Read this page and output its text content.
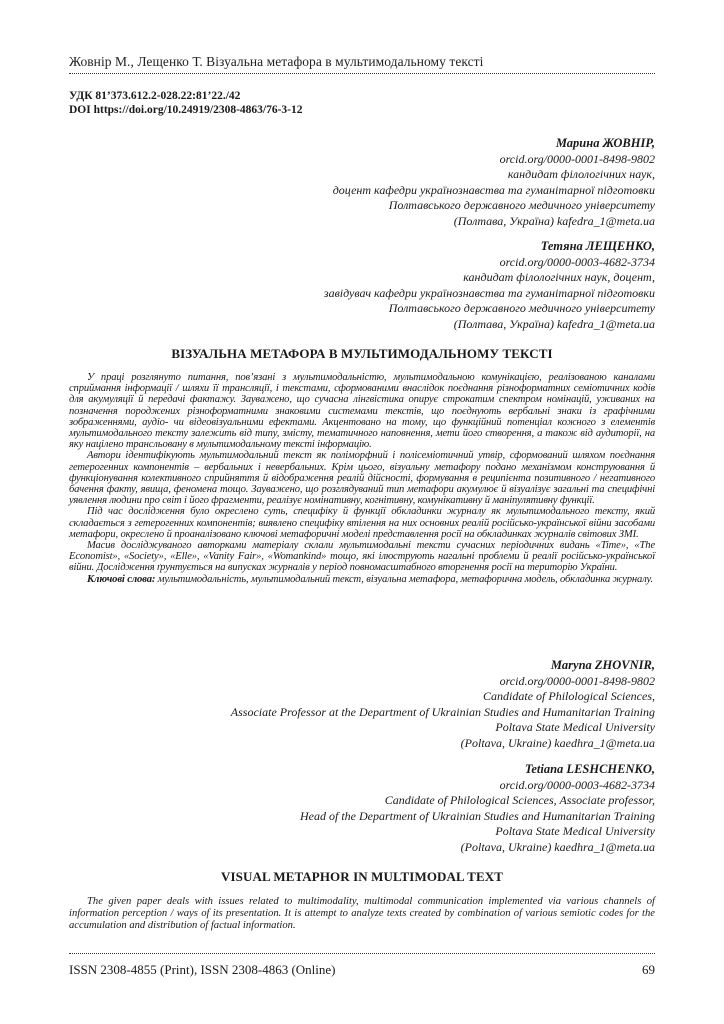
Жовнір М., Лещенко Т. Візуальна метафора в мультимодальному тексті
УДК 81’373.612.2-028.22:81’22./42
DOI https://doi.org/10.24919/2308-4863/76-3-12
Марина ЖОВНІР,
orcid.org/0000-0001-8498-9802
кандидат філологічних наук,
доцент кафедри українознавства та гуманітарної підготовки
Полтавського державного медичного університету
(Полтава, Україна) kafedra_1@meta.ua
Тетяна ЛЕЩЕНКО,
orcid.org/0000-0003-4682-3734
кандидат філологічних наук, доцент,
завідувач кафедри українознавства та гуманітарної підготовки
Полтавського державного медичного університету
(Полтава, Україна) kafedra_1@meta.ua
ВІЗУАЛЬНА МЕТАФОРА В МУЛЬТИМОДАЛЬНОМУ ТЕКСТІ

У праці розглянуто питання, пов’язані з мультимодальністю, мультимодальною комунікацією, реалізованою каналами сприймання інформації / шляхи її трансляції, і текстами, сформованими внаслідок поєднання різноформатних семіотичних кодів для акумуляції й передачі фактажу. Зауважено, що сучасна лінгвістика опирує строкатим спектром номінацій, уживаних на позначення породжених різноформатними знаковими системами текстів, що поєднують вербальні знаки із графічними зображеннями, аудіо- чи відеовізуальними ефектами. Акцентовано на тому, що функційний потенціал кожного з елементів мультимодального тексту залежить від типу, змісту, тематичного наповнення, мети його створення, а також від аудиторії, на яку націлено трансльовану в мультимодальному тексті інформацію.

Автори ідентифікують мультимодальний текст як поліморфний і полісеміотичний утвір, сформований шляхом поєднання гетерогенних компонентів – вербальних і невербальних. Крім цього, візуальну метафору подано механізмом конструювання й функціонування колективного сприйняття й відображення реалій дійсності, формування в реципієнта позитивного / негативного бачення факту, явища, феномена тощо. Зауважено, що розглядуваний тип метафори акумулює й візуалізує загальні та специфічні уявлення людини про світ і його фрагменти, реалізує номінативну, когнітивну, комунікативну й маніпулятивну функції.

Під час дослідження було окреслено суть, специфіку й функції обкладинки журналу як мультимодального тексту, який складається з гетерогенних компонентів; виявлено специфіку втілення на них основних реалій російсько-української війни засобами метафори, окреслено й проаналізовано ключові метафоричні моделі представлення росії на обкладинках журналів світових ЗМІ.

Масив досліджуваного авторками матеріалу склали мультимодальні тексти сучасних періодичних видань «Time», «The Economist», «Society», «Elle», «Vanity Fair», «Womankind» тощо, які ілюструють нагальні проблеми й реалії російсько-української війни. Дослідження ґрунтується на випусках журналів у період повномасштабного вторгнення росії на територію України.

Ключові слова: мультимодальність, мультимодальний текст, візуальна метафора, метафорична модель, обкладинка журналу.

Maryna ZHOVNIR,
orcid.org/0000-0001-8498-9802
Candidate of Philological Sciences,
Associate Professor at the Department of Ukrainian Studies and Humanitarian Training
Poltava State Medical University
(Poltava, Ukraine) kaedhra_1@meta.ua
Tetiana LESHCHENKO,
orcid.org/0000-0003-4682-3734
Candidate of Philological Sciences, Associate professor,
Head of the Department of Ukrainian Studies and Humanitarian Training
Poltava State Medical University
(Poltava, Ukraine) kaedhra_1@meta.ua
VISUAL METAPHOR IN MULTIMODAL TEXT

The given paper deals with issues related to multimodality, multimodal communication implemented via various channels of information perception / ways of its presentation. It is attempt to analyze texts created by combination of various semiotic codes for the accumulation and distribution of factual information.

ISSN 2308-4855 (Print), ISSN 2308-4863 (Online)	69
